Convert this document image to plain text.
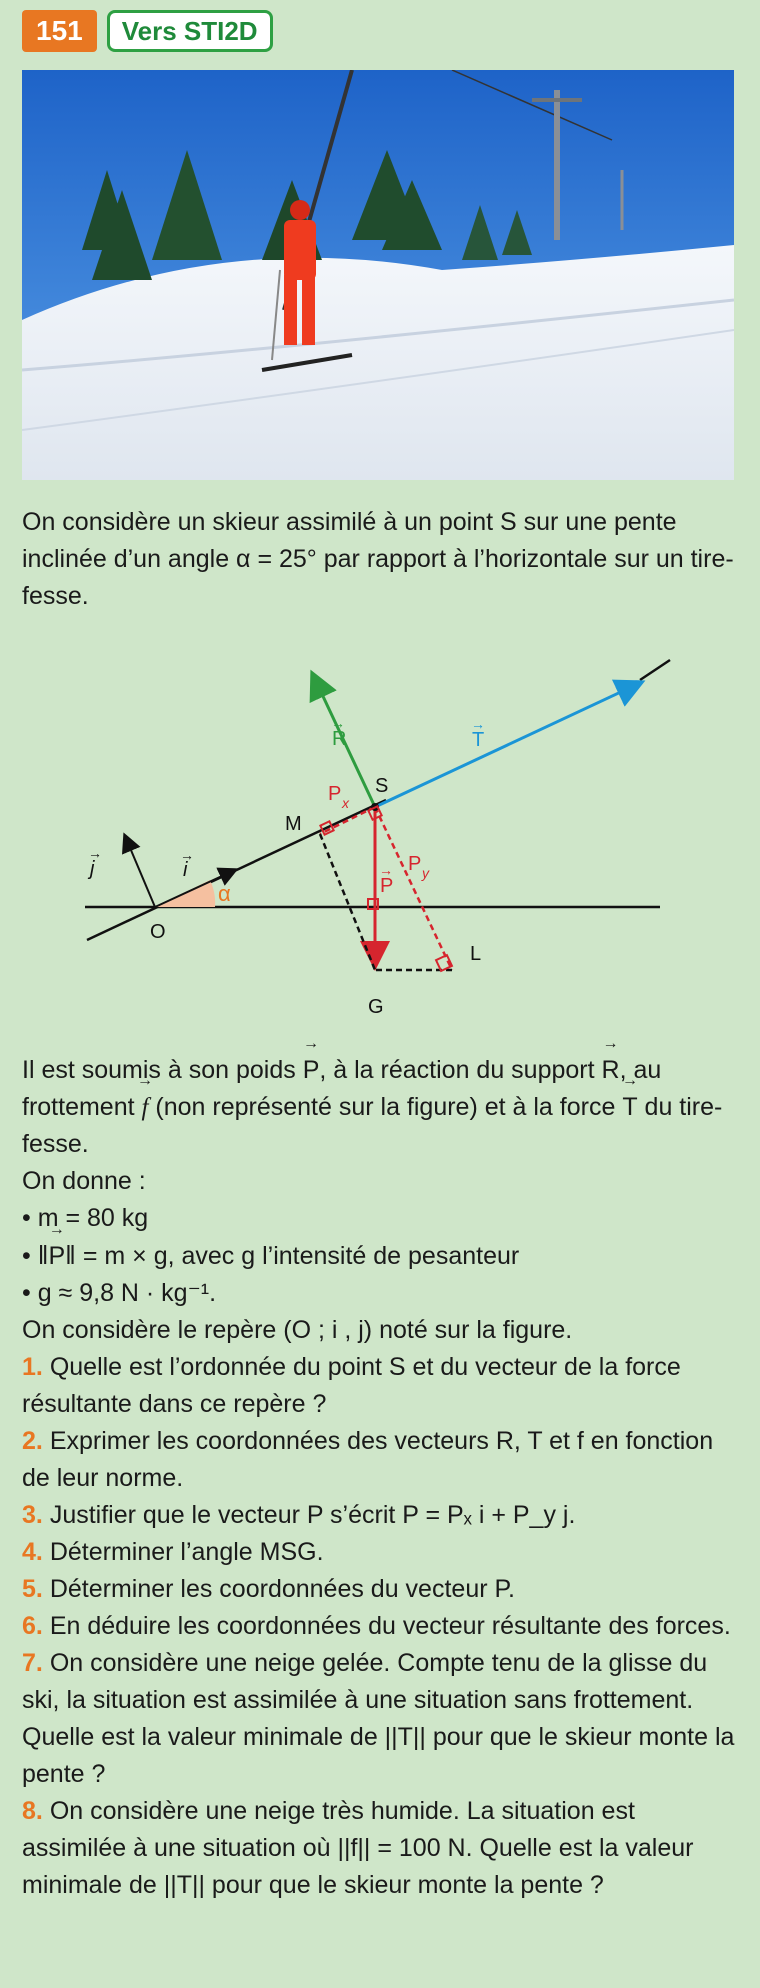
151	Vers STI2D
On considère un skieur assimilé à un point S sur une pente inclinée d’un angle α = 25° par rapport à l’horizontale sur un tire-fesse.
R
→
T
→
S
M
P x
P y
P
→
i
→
j
→
α
O
L
G

Il est soumis à son poids → P, à la réaction du support → R, au frottement → f (non représenté sur la figure) et à la force → T du tire-fesse.

On donne :

• m = 80 kg

• ‖→ P‖ = m × g, avec g l’intensité de pesanteur

• g ≈ 9,8 N · kg⁻¹.

On considère le repère (O ; i , j) noté sur la figure.

1. Quelle est l’ordonnée du point S et du vecteur de la force résultante dans ce repère ?

2. Exprimer les coordonnées des vecteurs R, T et f en fonction de leur norme.

3. Justifier que le vecteur P s’écrit P = Pₓ i + P_y j.

4. Déterminer l’angle MSG.

5. Déterminer les coordonnées du vecteur P.

6. En déduire les coordonnées du vecteur résultante des forces.

7. On considère une neige gelée. Compte tenu de la glisse du ski, la situation est assimilée à une situation sans frottement. Quelle est la valeur minimale de ||T|| pour que le skieur monte la pente ?

8. On considère une neige très humide. La situation est assimilée à une situation où ||f|| = 100 N. Quelle est la valeur minimale de ||T|| pour que le skieur monte la pente ?
